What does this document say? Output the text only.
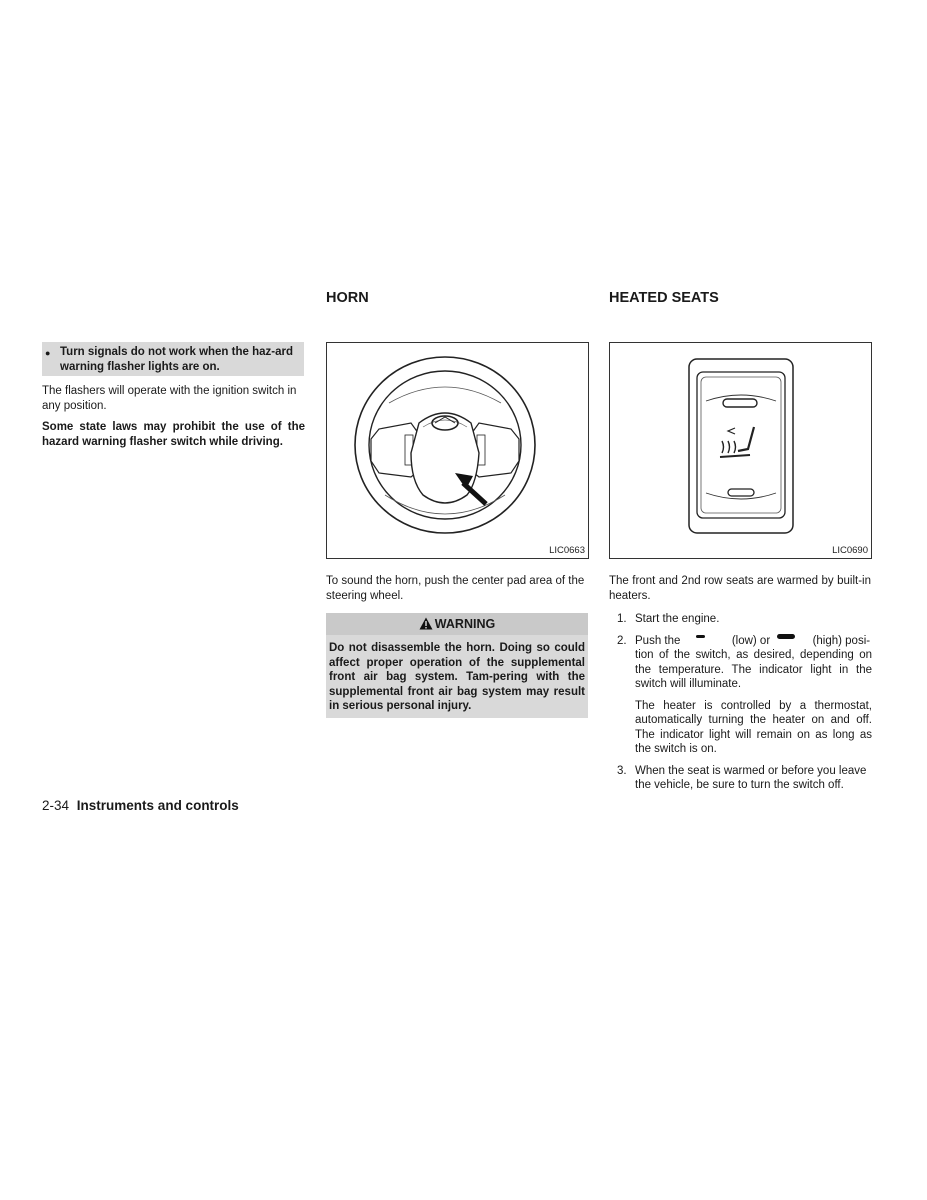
● Turn signals do not work when the haz-ard warning flasher lights are on.
The flashers will operate with the ignition switch in any position.
Some state laws may prohibit the use of the hazard warning flasher switch while driving.
HORN
LIC0663
To sound the horn, push the center pad area of the steering wheel.
WARNING
Do not disassemble the horn. Doing so could affect proper operation of the supplemental front air bag system. Tam-pering with the supplemental front air bag system may result in serious personal injury.
HEATED SEATS
LIC0690
The front and 2nd row seats are warmed by built-in heaters.
1. Start the engine.
2. Push the	(low) or	(high) posi-
tion of the switch, as desired, depending on the temperature. The indicator light in the switch will illuminate.
The heater is controlled by a thermostat, automatically turning the heater on and off. The indicator light will remain on as long as the switch is on.
3. When the seat is warmed or before you leave the vehicle, be sure to turn the switch off.
2-34 Instruments and controls
